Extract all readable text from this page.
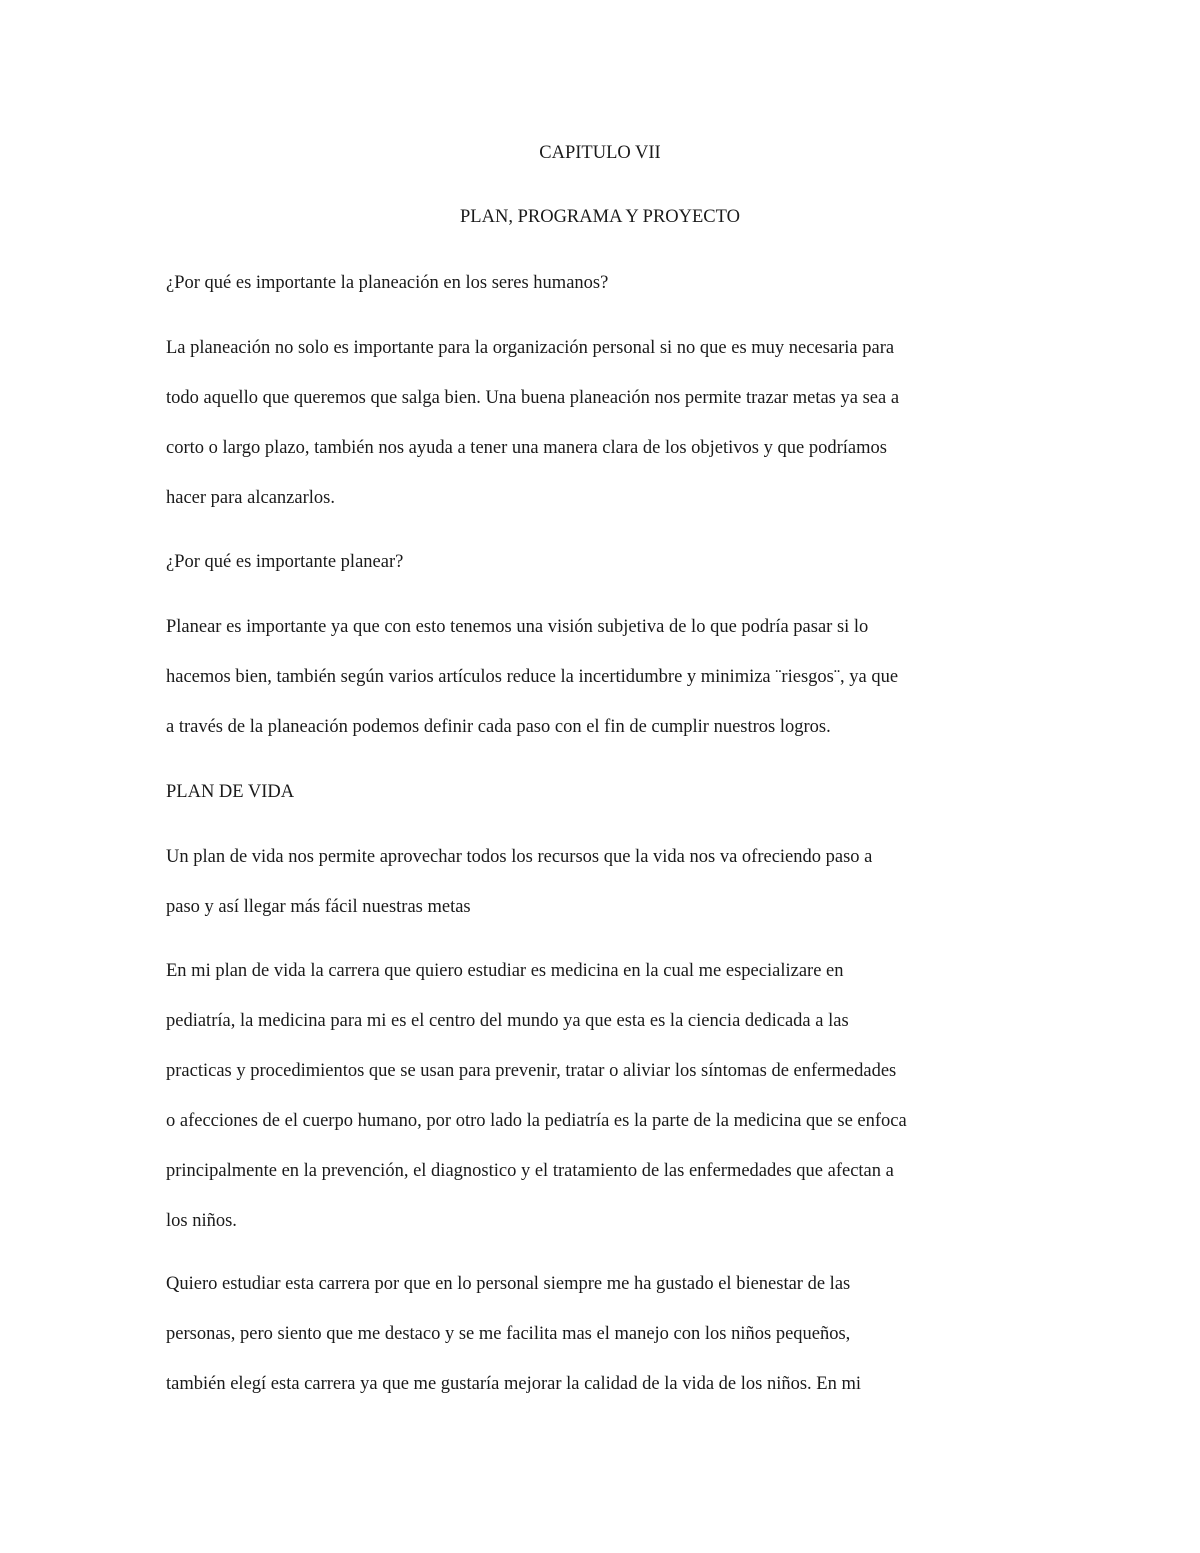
CAPITULO VII

PLAN, PROGRAMA Y PROYECTO

¿Por qué es importante la planeación en los seres humanos?

La planeación no solo es importante para la organización personal si no que es muy necesaria para
todo aquello que queremos que salga bien. Una buena planeación nos permite trazar metas ya sea a
corto o largo plazo, también nos ayuda a tener una manera clara de los objetivos y que podríamos
hacer para alcanzarlos.

¿Por qué es importante planear?

Planear es importante ya que con esto tenemos una visión subjetiva de lo que podría pasar si lo
hacemos bien, también según varios artículos reduce la incertidumbre y minimiza ¨riesgos¨, ya que
a través de la planeación podemos definir cada paso con el fin de cumplir nuestros logros.

PLAN DE VIDA

Un plan de vida nos permite aprovechar todos los recursos que la vida nos va ofreciendo paso a
paso y así llegar más fácil nuestras metas
En mi plan de vida la carrera que quiero estudiar es medicina en la cual me especializare en
pediatría, la medicina para mi es el centro del mundo ya que esta es la ciencia dedicada a las
practicas y procedimientos que se usan para prevenir, tratar o aliviar los síntomas de enfermedades
o afecciones de el cuerpo humano, por otro lado la pediatría es la parte de la medicina que se enfoca
principalmente en la prevención, el diagnostico y el tratamiento de las enfermedades que afectan a
los niños.
Quiero estudiar esta carrera por que en lo personal siempre me ha gustado el bienestar de las
personas, pero siento que me destaco y se me facilita mas el manejo con los niños pequeños,
también elegí esta carrera ya que me gustaría mejorar la calidad de la vida de los niños. En mi
